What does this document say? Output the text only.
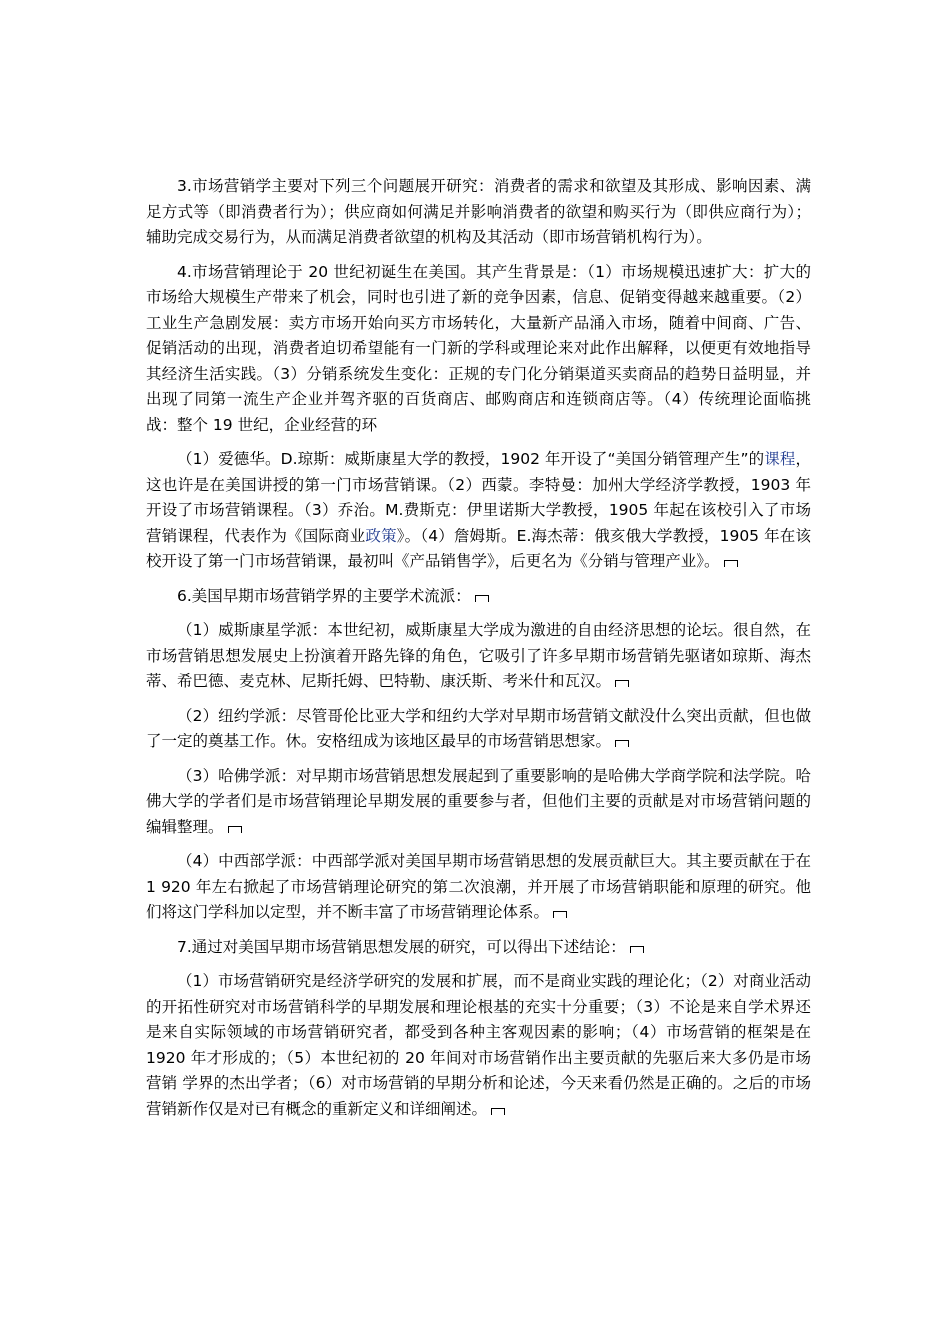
3.市场营销学主要对下列三个问题展开研究：消费者的需求和欲望及其形成、影响因素、满足方式等（即消费者行为）；供应商如何满足并影响消费者的欲望和购买行为（即供应商行为）；辅助完成交易行为，从而满足消费者欲望的机构及其活动（即市场营销机构行为）。

4.市场营销理论于 20 世纪初诞生在美国。其产生背景是：（1）市场规模迅速扩大：扩大的市场给大规模生产带来了机会，同时也引进了新的竞争因素，信息、促销变得越来越重要。（2）工业生产急剧发展：卖方市场开始向买方市场转化，大量新产品涌入市场，随着中间商、广告、促销活动的出现，消费者迫切希望能有一门新的学科或理论来对此作出解释，以便更有效地指导其经济生活实践。（3）分销系统发生变化：正规的专门化分销渠道买卖商品的趋势日益明显，并出现了同第一流生产企业并驾齐驱的百货商店、邮购商店和连锁商店等。（4）传统理论面临挑战：整个 19 世纪，企业经营的环

（1）爱德华。D.琼斯：威斯康星大学的教授，1902 年开设了“美国分销管理产生”的课程，这也许是在美国讲授的第一门市场营销课。（2）西蒙。李特曼：加州大学经济学教授，1903 年开设了市场营销课程。（3）乔治。M.费斯克：伊里诺斯大学教授，1905 年起在该校引入了市场营销课程，代表作为《国际商业政策》。（4）詹姆斯。E.海杰蒂：俄亥俄大学教授，1905 年在该校开设了第一门市场营销课，最初叫《产品销售学》，后更名为《分销与管理产业》。

6.美国早期市场营销学界的主要学术流派：

（1）威斯康星学派：本世纪初，威斯康星大学成为激进的自由经济思想的论坛。很自然，在市场营销思想发展史上扮演着开路先锋的角色，它吸引了许多早期市场营销先驱诸如琼斯、海杰蒂、希巴德、麦克林、尼斯托姆、巴特勒、康沃斯、考米什和瓦汉。

（2）纽约学派：尽管哥伦比亚大学和纽约大学对早期市场营销文献没什么突出贡献，但也做了一定的奠基工作。休。安格纽成为该地区最早的市场营销思想家。

（3）哈佛学派：对早期市场营销思想发展起到了重要影响的是哈佛大学商学院和法学院。哈佛大学的学者们是市场营销理论早期发展的重要参与者，但他们主要的贡献是对市场营销问题的编辑整理。

（4）中西部学派：中西部学派对美国早期市场营销思想的发展贡献巨大。其主要贡献在于在 1 920 年左右掀起了市场营销理论研究的第二次浪潮，并开展了市场营销职能和原理的研究。他们将这门学科加以定型，并不断丰富了市场营销理论体系。

7.通过对美国早期市场营销思想发展的研究，可以得出下述结论：

（1）市场营销研究是经济学研究的发展和扩展，而不是商业实践的理论化；（2）对商业活动的开拓性研究对市场营销科学的早期发展和理论根基的充实十分重要；（3）不论是来自学术界还是来自实际领域的市场营销研究者，都受到各种主客观因素的影响；（4）市场营销的框架是在 1920 年才形成的；（5）本世纪初的 20 年间对市场营销作出主要贡献的先驱后来大多仍是市场营销 学界的杰出学者；（6）对市场营销的早期分析和论述，今天来看仍然是正确的。之后的市场营销新作仅是对已有概念的重新定义和详细阐述。
